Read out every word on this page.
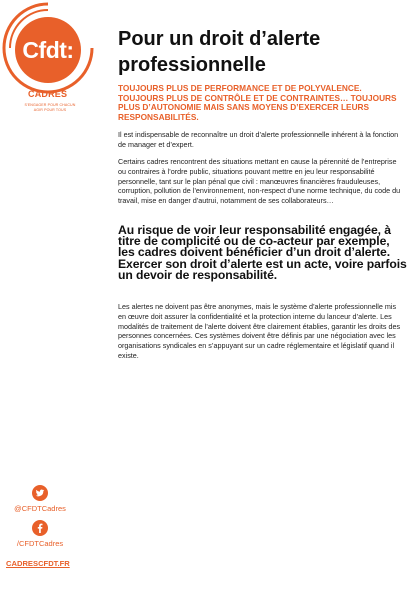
Cfdt:
CADRES
S'ENGAGER POUR CHACUN
AGIR POUR TOUS
Pour un droit d’alerte professionnelle

TOUJOURS PLUS DE PERFORMANCE ET DE POLYVALENCE. TOUJOURS PLUS DE CONTRÔLE ET DE CONTRAINTES… TOUJOURS PLUS D’AUTONOMIE MAIS SANS MOYENS D’EXERCER LEURS RESPONSABILITÉS.

Il est indispensable de reconnaître un droit d’alerte professionnelle inhérent à la fonction de manager et d’expert.

Certains cadres rencontrent des situations mettant en cause la pérennité de l’entreprise ou contraires à l’ordre public, situations pouvant mettre en jeu leur responsabilité personnelle, tant sur le plan pénal que civil : manœuvres financières frauduleuses, corruption, pollution de l’environnement, non-respect d’une norme technique, du code du travail, mise en danger d’autrui, notamment de ses collaborateurs…

Au risque de voir leur responsabilité engagée, à titre de complicité ou de co-acteur par exemple, les cadres doivent bénéficier d’un droit d’alerte. Exercer son droit d’alerte est un acte, voire parfois un devoir de responsabilité.

Les alertes ne doivent pas être anonymes, mais le système d’alerte professionnelle mis en œuvre doit assurer la confidentialité et la protection interne du lanceur d’alerte. Les modalités de traitement de l’alerte doivent être clairement établies, garantir les droits des personnes concernées. Ces systèmes doivent être définis par une négociation avec les organisations syndicales en s’appuyant sur un cadre réglementaire et législatif quand il existe.

@CFDTCadres
/CFDTCadres
CADRESCFDT.FR
